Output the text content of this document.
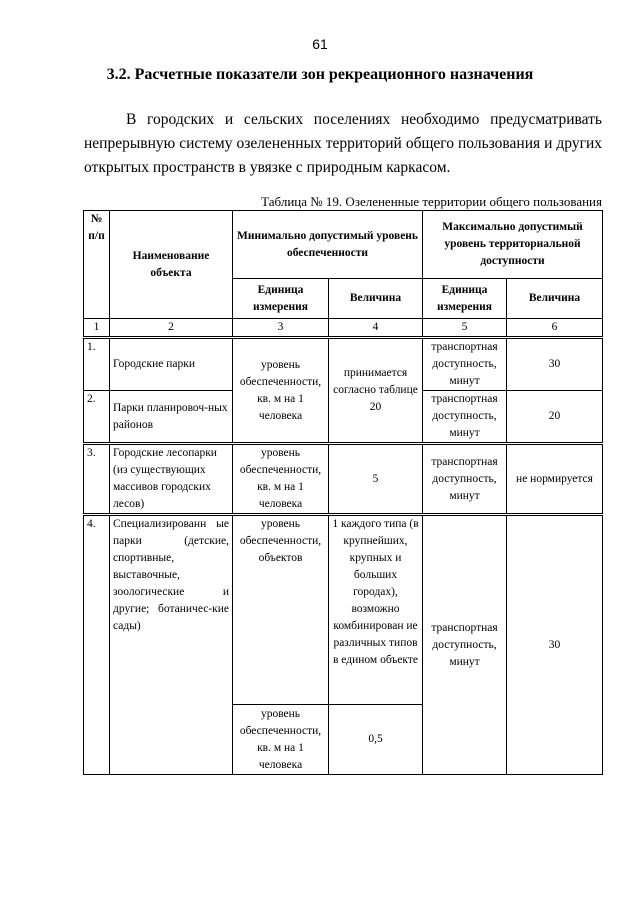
61
3.2. Расчетные показатели зон рекреационного назначения

В городских и сельских поселениях необходимо предусматривать непрерывную систему озелененных территорий общего пользования и других открытых пространств в увязке с природным каркасом.

Таблица № 19. Озелененные территории общего пользования
№ п/п	Наименование объекта	Минимально допустимый уровень обеспеченности		Максимально допустимый уровень территориальной доступности	
		Единица измерения	Величина	Единица измерения	Величина
1	2	3	4	5	6
1.	Городские парки	уровень обеспеченности, кв. м на 1 человека	принимается согласно таблице 20	транспортная доступность, минут	30
2.	Парки планировоч-ных районов			транспортная доступность, минут	20
3.	Городские лесопарки (из существующих массивов городских лесов)	уровень обеспеченности, кв. м на 1 человека	5	транспортная доступность, минут	не нормируется
4.	Специализированн ые парки (детские, спортивные, выставочные, зоологические и другие; ботаничес-кие сады)	уровень обеспеченности, объектов	1 каждого типа (в крупнейших, крупных и больших городах), возможно комбинирован ие различных типов в едином объекте	транспортная доступность, минут	30
		уровень обеспеченности, кв. м на 1 человека	0,5		
